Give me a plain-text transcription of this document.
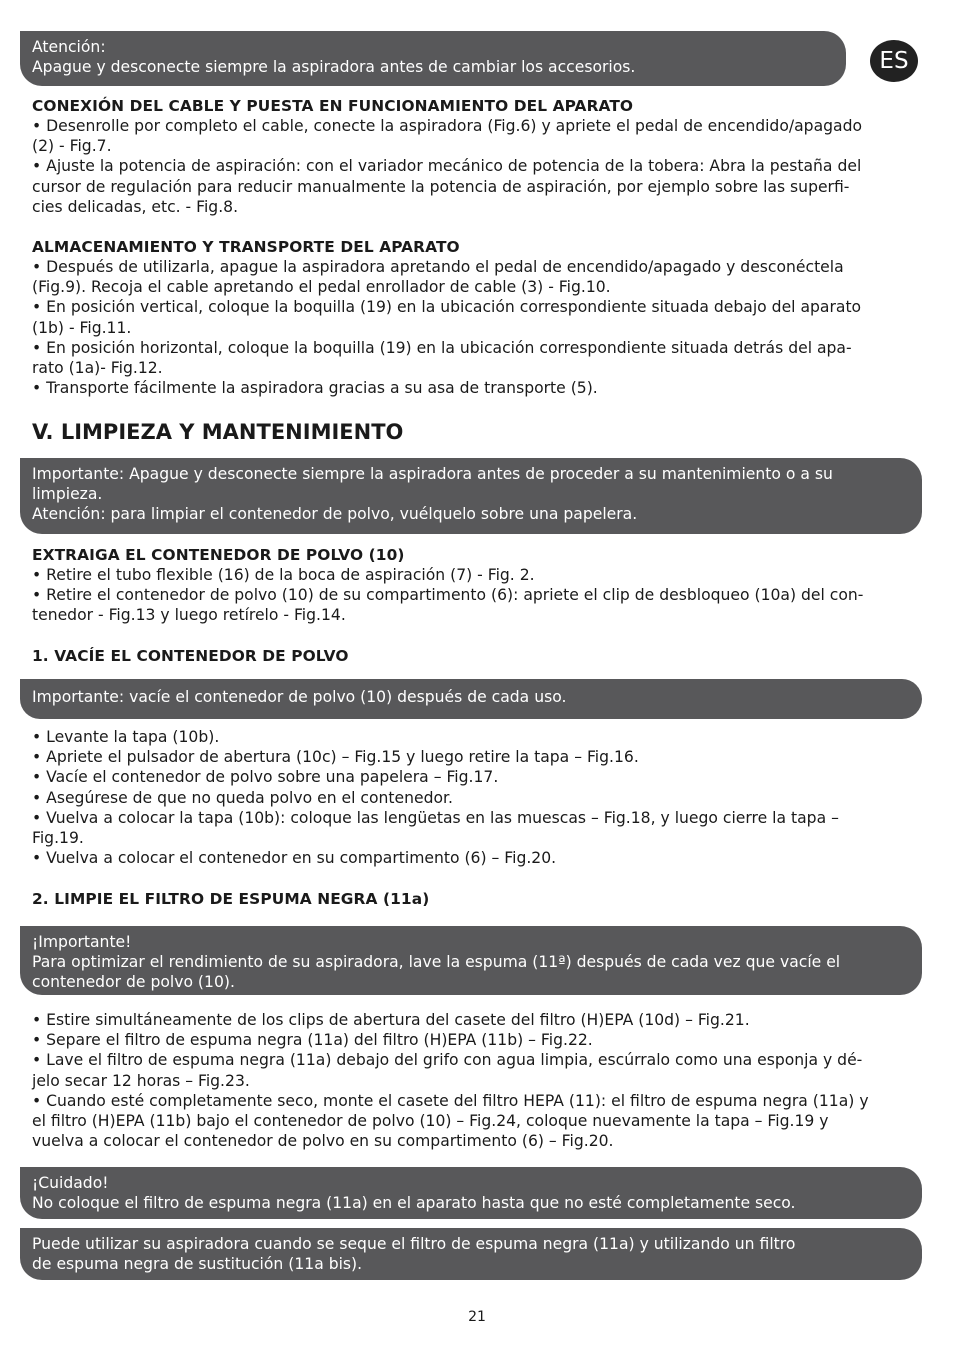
Atención:

Apague y desconecte siempre la aspiradora antes de cambiar los accesorios.	ES

CONEXIÓN DEL CABLE Y PUESTA EN FUNCIONAMIENTO DEL APARATO

• Desenrolle por completo el cable, conecte la aspiradora (Fig.6) y apriete el pedal de encendido/apagado

(2) - Fig.7.

• Ajuste la potencia de aspiración: con el variador mecánico de potencia de la tobera: Abra la pestaña del

cursor de regulación para reducir manualmente la potencia de aspiración, por ejemplo sobre las superfi-

cies delicadas, etc. - Fig.8.

ALMACENAMIENTO Y TRANSPORTE DEL APARATO

• Después de utilizarla, apague la aspiradora apretando el pedal de encendido/apagado y desconéctela

(Fig.9). Recoja el cable apretando el pedal enrollador de cable (3) - Fig.10.

• En posición vertical, coloque la boquilla (19) en la ubicación correspondiente situada debajo del aparato

(1b) - Fig.11.

• En posición horizontal, coloque la boquilla (19) en la ubicación correspondiente situada detrás del apa-

rato (1a)- Fig.12.

• Transporte fácilmente la aspiradora gracias a su asa de transporte (5).

V. LIMPIEZA Y MANTENIMIENTO

Importante: Apague y desconecte siempre la aspiradora antes de proceder a su mantenimiento o a su

limpieza.

Atención: para limpiar el contenedor de polvo, vuélquelo sobre una papelera.

EXTRAIGA EL CONTENEDOR DE POLVO (10)

• Retire el tubo flexible (16) de la boca de aspiración (7) - Fig. 2.

• Retire el contenedor de polvo (10) de su compartimento (6): apriete el clip de desbloqueo (10a) del con-

tenedor - Fig.13 y luego retírelo - Fig.14.

1. VACÍE EL CONTENEDOR DE POLVO

Importante: vacíe el contenedor de polvo (10) después de cada uso.

• Levante la tapa (10b).

• Apriete el pulsador de abertura (10c) – Fig.15 y luego retire la tapa – Fig.16.

• Vacíe el contenedor de polvo sobre una papelera – Fig.17.

• Asegúrese de que no queda polvo en el contenedor.

• Vuelva a colocar la tapa (10b): coloque las lengüetas en las muescas – Fig.18, y luego cierre la tapa –

Fig.19.

• Vuelva a colocar el contenedor en su compartimento (6) – Fig.20.

2. LIMPIE EL FILTRO DE ESPUMA NEGRA (11a)

¡Importante!

Para optimizar el rendimiento de su aspiradora, lave la espuma (11ª) después de cada vez que vacíe el

contenedor de polvo (10).

• Estire simultáneamente de los clips de abertura del casete del filtro (H)EPA (10d) – Fig.21.

• Separe el filtro de espuma negra (11a) del filtro (H)EPA (11b) – Fig.22.

• Lave el filtro de espuma negra (11a) debajo del grifo con agua limpia, escúrralo como una esponja y dé-

jelo secar 12 horas – Fig.23.

• Cuando esté completamente seco, monte el casete del filtro HEPA (11): el filtro de espuma negra (11a) y

el filtro (H)EPA (11b) bajo el contenedor de polvo (10) – Fig.24, coloque nuevamente la tapa – Fig.19 y

vuelva a colocar el contenedor de polvo en su compartimento (6) – Fig.20.

¡Cuidado!

No coloque el filtro de espuma negra (11a) en el aparato hasta que no esté completamente seco.

Puede utilizar su aspiradora cuando se seque el filtro de espuma negra (11a) y utilizando un filtro

de espuma negra de sustitución (11a bis).

21
